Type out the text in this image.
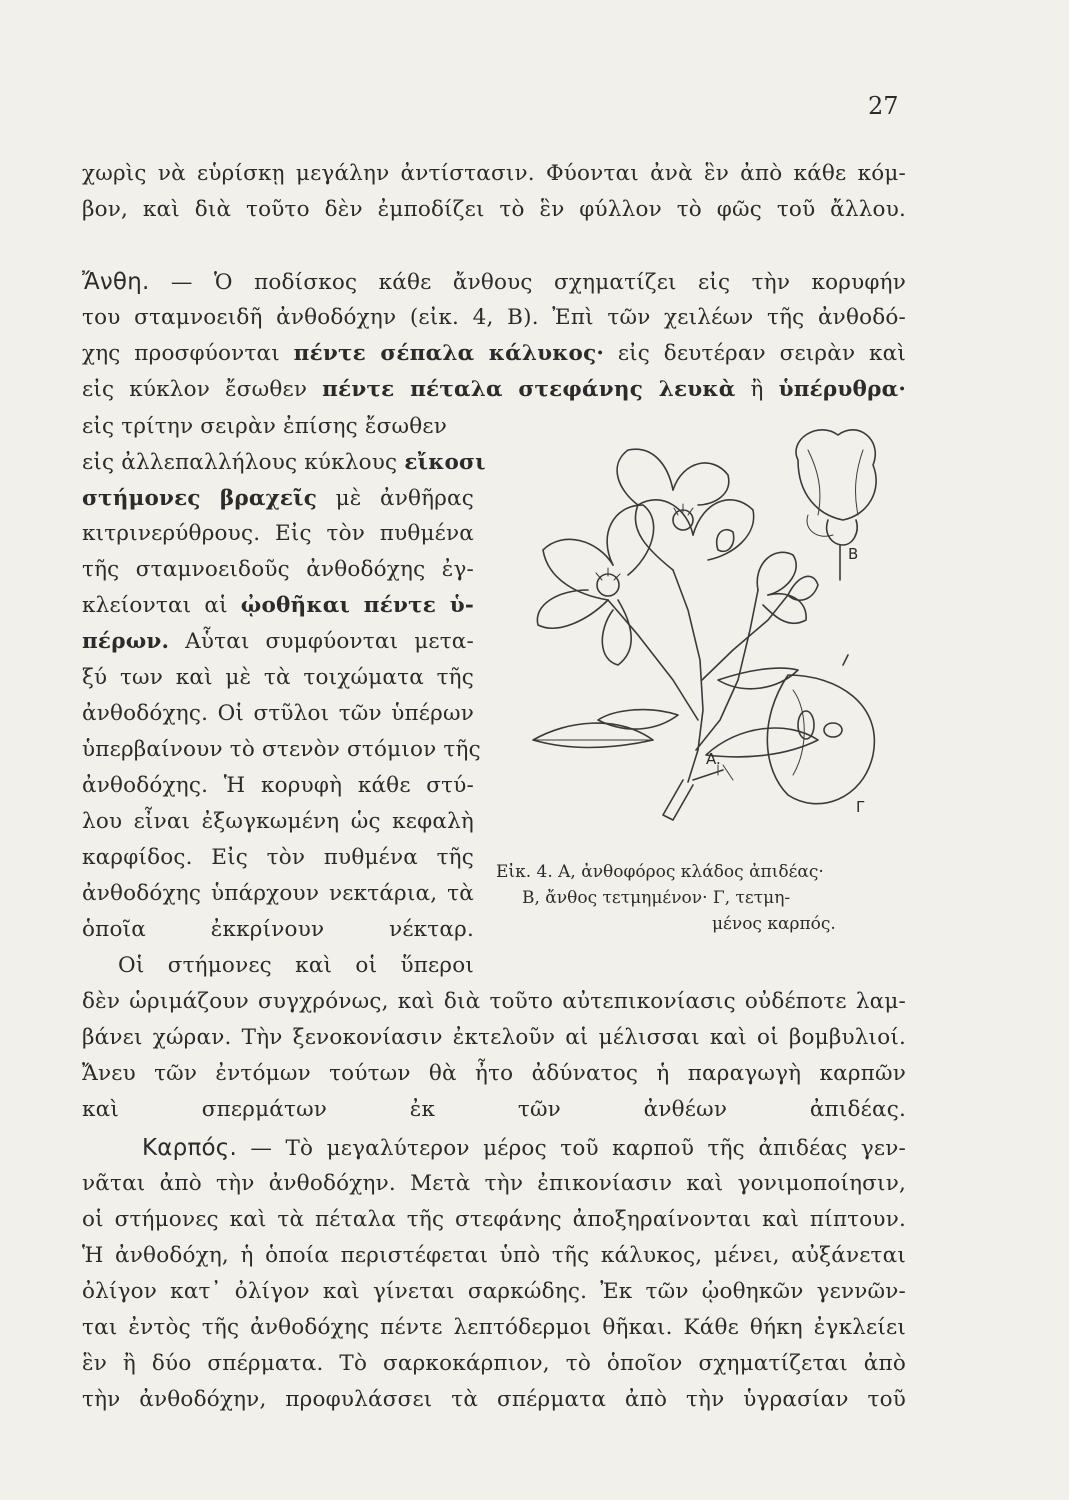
27
χωρὶς νὰ εὑρίσκῃ μεγάλην ἀντίστασιν. Φύονται ἀνὰ ἓν ἀπὸ κάθε κόμ-
βον, καὶ διὰ τοῦτο δὲν ἐμποδίζει τὸ ἓν φύλλον τὸ φῶς τοῦ ἄλλου.
Ἄνθη. — Ὁ ποδίσκος κάθε ἄνθους σχηματίζει εἰς τὴν κορυφήν
του σταμνοειδῆ ἀνθοδόχην (εἰκ. 4, Β). Ἐπὶ τῶν χειλέων τῆς ἀνθοδό-
χης προσφύονται πέντε σέπαλα κάλυκος· εἰς δευτέραν σειρὰν καὶ
εἰς κύκλον ἔσωθεν πέντε πέταλα στεφάνης λευκὰ ἢ ὑπέρυθρα·
εἰς τρίτην σειρὰν ἐπίσης ἔσωθεν
εἰς ἀλλεπαλλήλους κύκλους εἴκοσι
στήμονες βραχεῖς μὲ ἀνθῆρας
κιτρινερύθρους. Εἰς τὸν πυθμένα
τῆς σταμνοειδοῦς ἀνθοδόχης ἐγ-
κλείονται αἱ ᾠοθῆκαι πέντε ὑ-
πέρων. Αὗται συμφύονται μετα-
ξύ των καὶ μὲ τὰ τοιχώματα τῆς
ἀνθοδόχης. Οἱ στῦλοι τῶν ὑπέρων
ὑπερβαίνουν τὸ στενὸν στόμιον τῆς
ἀνθοδόχης. Ἡ κορυφὴ κάθε στύ-
λου εἶναι ἐξωγκωμένη ὡς κεφαλὴ
καρφίδος. Εἰς τὸν πυθμένα τῆς
ἀνθοδόχης ὑπάρχουν νεκτάρια, τὰ
ὁποῖα ἐκκρίνουν νέκταρ.
Οἱ στήμονες καὶ οἱ ὕπεροι
δὲν ὡριμάζουν συγχρόνως, καὶ διὰ τοῦτο αὐτεπικονίασις οὐδέποτε λαμ-
βάνει χώραν. Τὴν ξενοκονίασιν ἐκτελοῦν αἱ μέλισσαι καὶ οἱ βομβυλιοί.
Ἄνευ τῶν ἐντόμων τούτων θὰ ἦτο ἀδύνατος ἡ παραγωγὴ καρπῶν
καὶ σπερμάτων ἐκ τῶν ἀνθέων ἀπιδέας.
A.
B
Γ
Εἰκ. 4. Α, ἀνθοφόρος κλάδος ἀπιδέας·
Β, ἄνθος τετμημένον· Γ, τετμη-
μένος καρπός.
Καρπός. — Τὸ μεγαλύτερον μέρος τοῦ καρποῦ τῆς ἀπιδέας γεν-
νᾶται ἀπὸ τὴν ἀνθοδόχην. Μετὰ τὴν ἐπικονίασιν καὶ γονιμοποίησιν,
οἱ στήμονες καὶ τὰ πέταλα τῆς στεφάνης ἀποξηραίνονται καὶ πίπτουν.
Ἡ ἀνθοδόχη, ἡ ὁποία περιστέφεται ὑπὸ τῆς κάλυκος, μένει, αὐξάνεται
ὀλίγον κατ᾽ ὀλίγον καὶ γίνεται σαρκώδης. Ἐκ τῶν ᾠοθηκῶν γεννῶν-
ται ἐντὸς τῆς ἀνθοδόχης πέντε λεπτόδερμοι θῆκαι. Κάθε θήκη ἐγκλείει
ἓν ἢ δύο σπέρματα. Τὸ σαρκοκάρπιον, τὸ ὁποῖον σχηματίζεται ἀπὸ
τὴν ἀνθοδόχην, προφυλάσσει τὰ σπέρματα ἀπὸ τὴν ὑγρασίαν τοῦ
